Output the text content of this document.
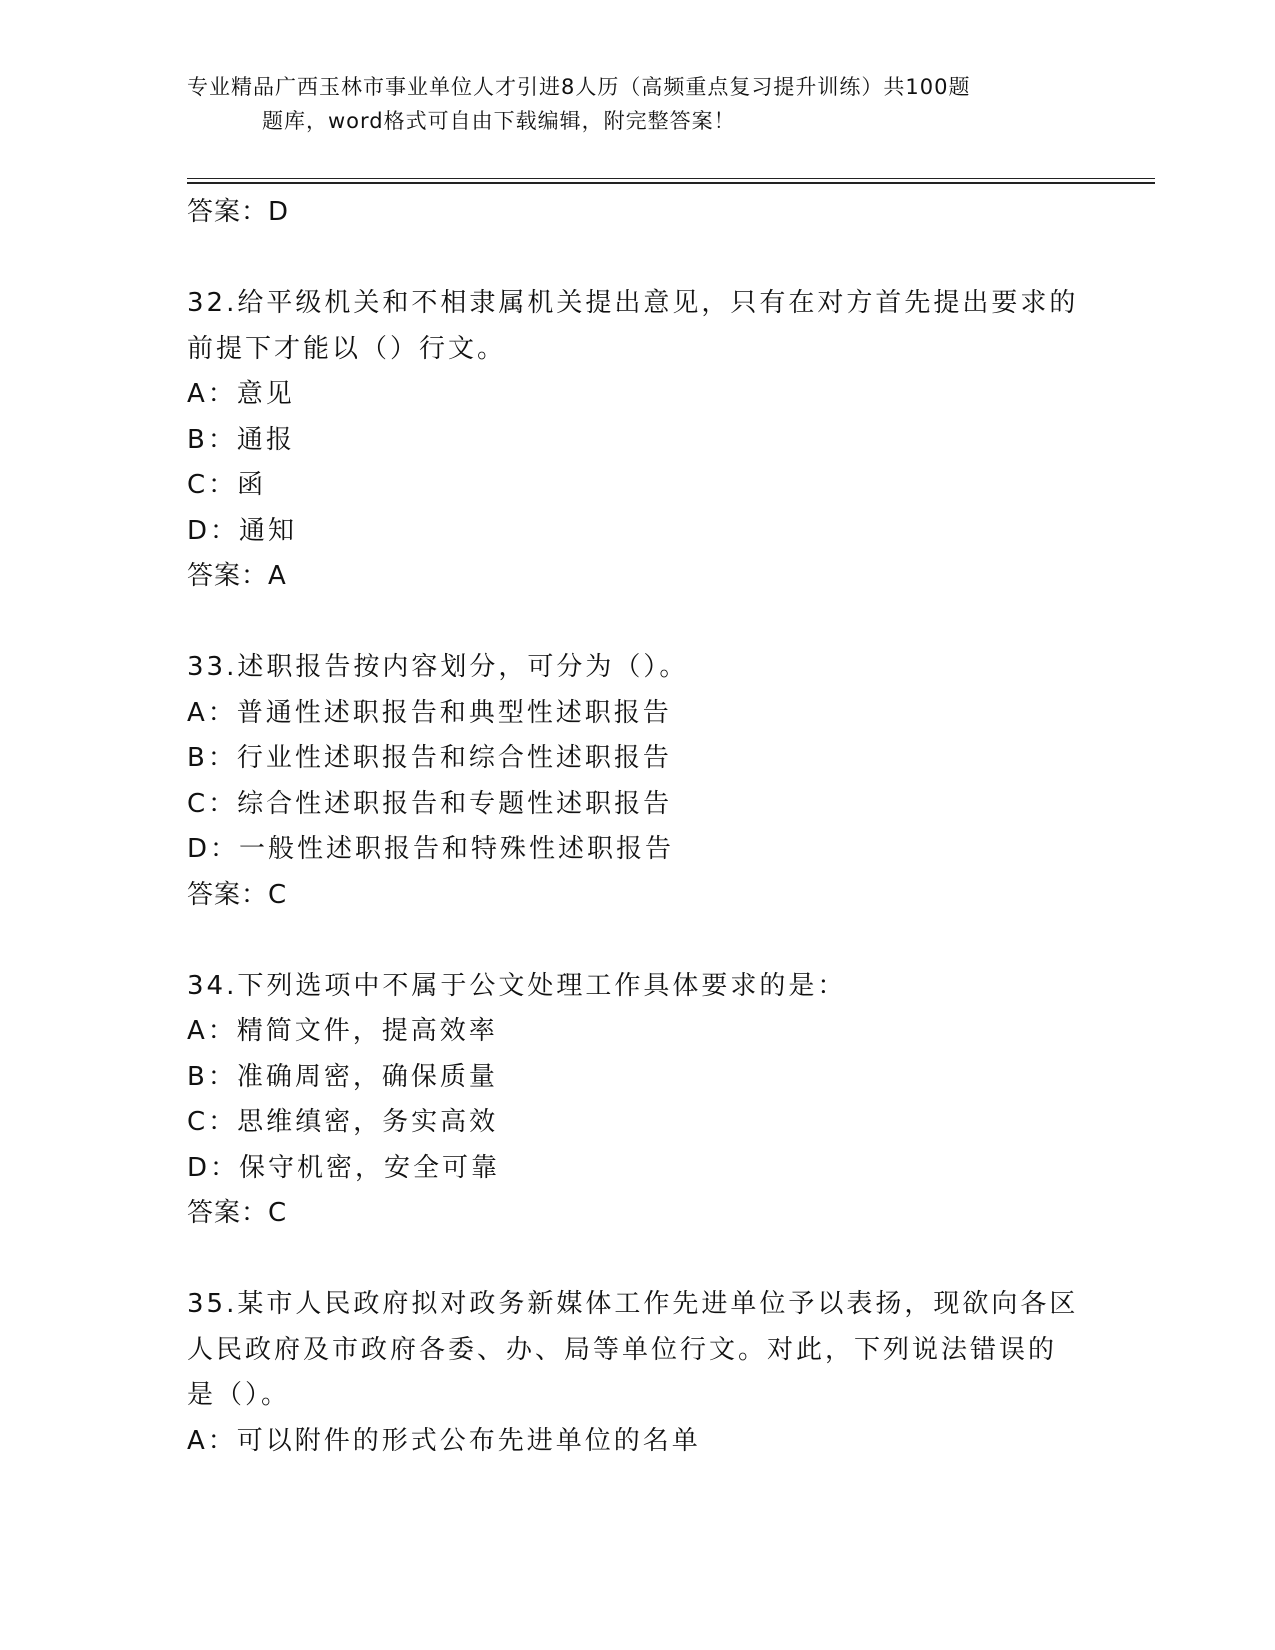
专业精品广西玉林市事业单位人才引进8人历（高频重点复习提升训练）共100题
题库，word格式可自由下载编辑，附完整答案！
答案：D
32.给平级机关和不相隶属机关提出意见，只有在对方首先提出要求的
前提下才能以（）行文。
A：意见
B：通报
C：函
D：通知
答案：A
33.述职报告按内容划分，可分为（）。
A：普通性述职报告和典型性述职报告
B：行业性述职报告和综合性述职报告
C：综合性述职报告和专题性述职报告
D：一般性述职报告和特殊性述职报告
答案：C
34.下列选项中不属于公文处理工作具体要求的是：
A：精简文件，提高效率
B：准确周密，确保质量
C：思维缜密，务实高效
D：保守机密，安全可靠
答案：C
35.某市人民政府拟对政务新媒体工作先进单位予以表扬，现欲向各区
人民政府及市政府各委、办、局等单位行文。对此，下列说法错误的
是（）。
A：可以附件的形式公布先进单位的名单
